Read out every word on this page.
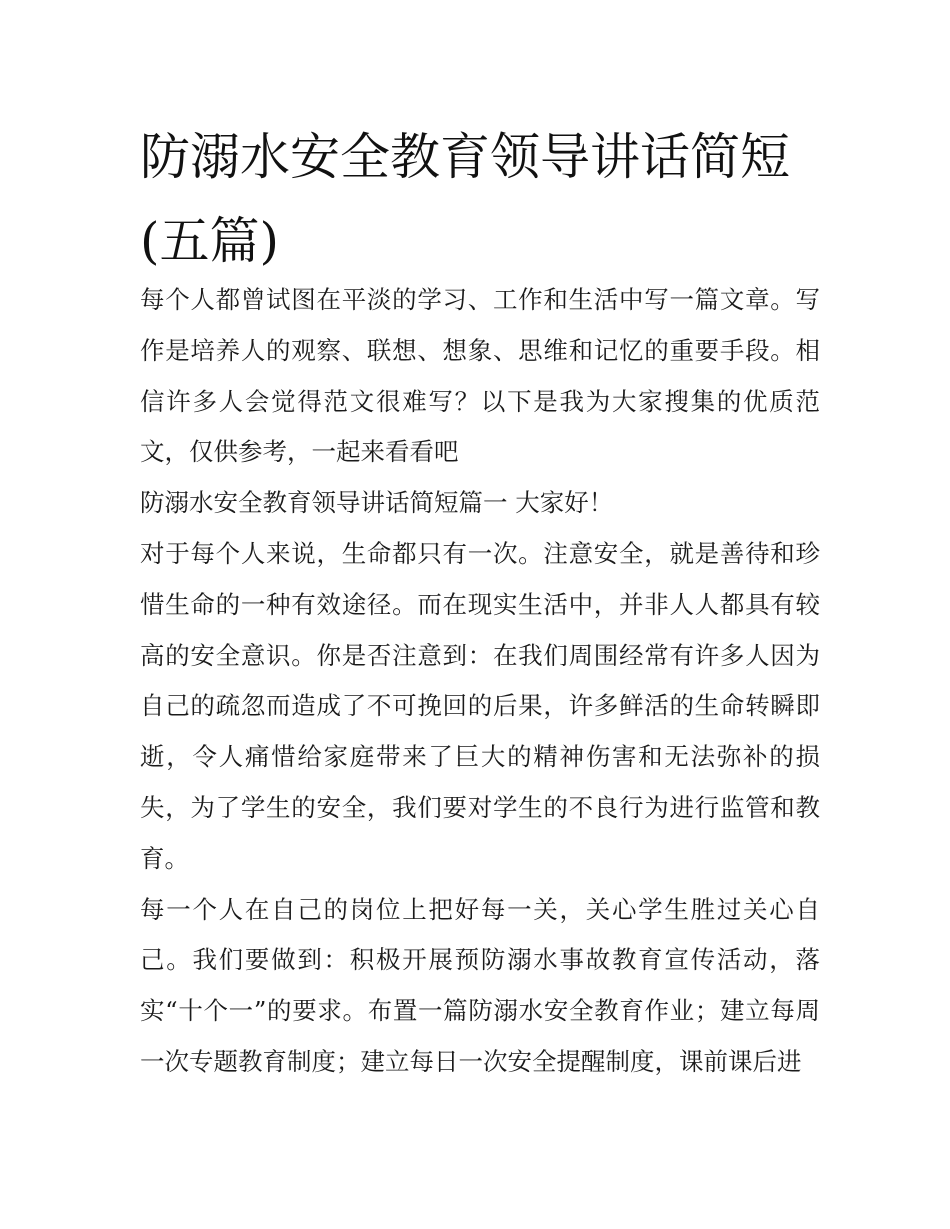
防溺水安全教育领导讲话简短
(五篇)

每个人都曾试图在平淡的学习、工作和生活中写一篇文章。写作是培养人的观察、联想、想象、思维和记忆的重要手段。相信许多人会觉得范文很难写？以下是我为大家搜集的优质范文，仅供参考，一起来看看吧

防溺水安全教育领导讲话简短篇一 大家好！

对于每个人来说，生命都只有一次。注意安全，就是善待和珍惜生命的一种有效途径。而在现实生活中，并非人人都具有较高的安全意识。你是否注意到：在我们周围经常有许多人因为自己的疏忽而造成了不可挽回的后果，许多鲜活的生命转瞬即逝，令人痛惜给家庭带来了巨大的精神伤害和无法弥补的损失，为了学生的安全，我们要对学生的不良行为进行监管和教育。

每一个人在自己的岗位上把好每一关，关心学生胜过关心自己。我们要做到：积极开展预防溺水事故教育宣传活动，落实“十个一”的要求。布置一篇防溺水安全教育作业；建立每周一次专题教育制度；建立每日一次安全提醒制度，课前课后进
